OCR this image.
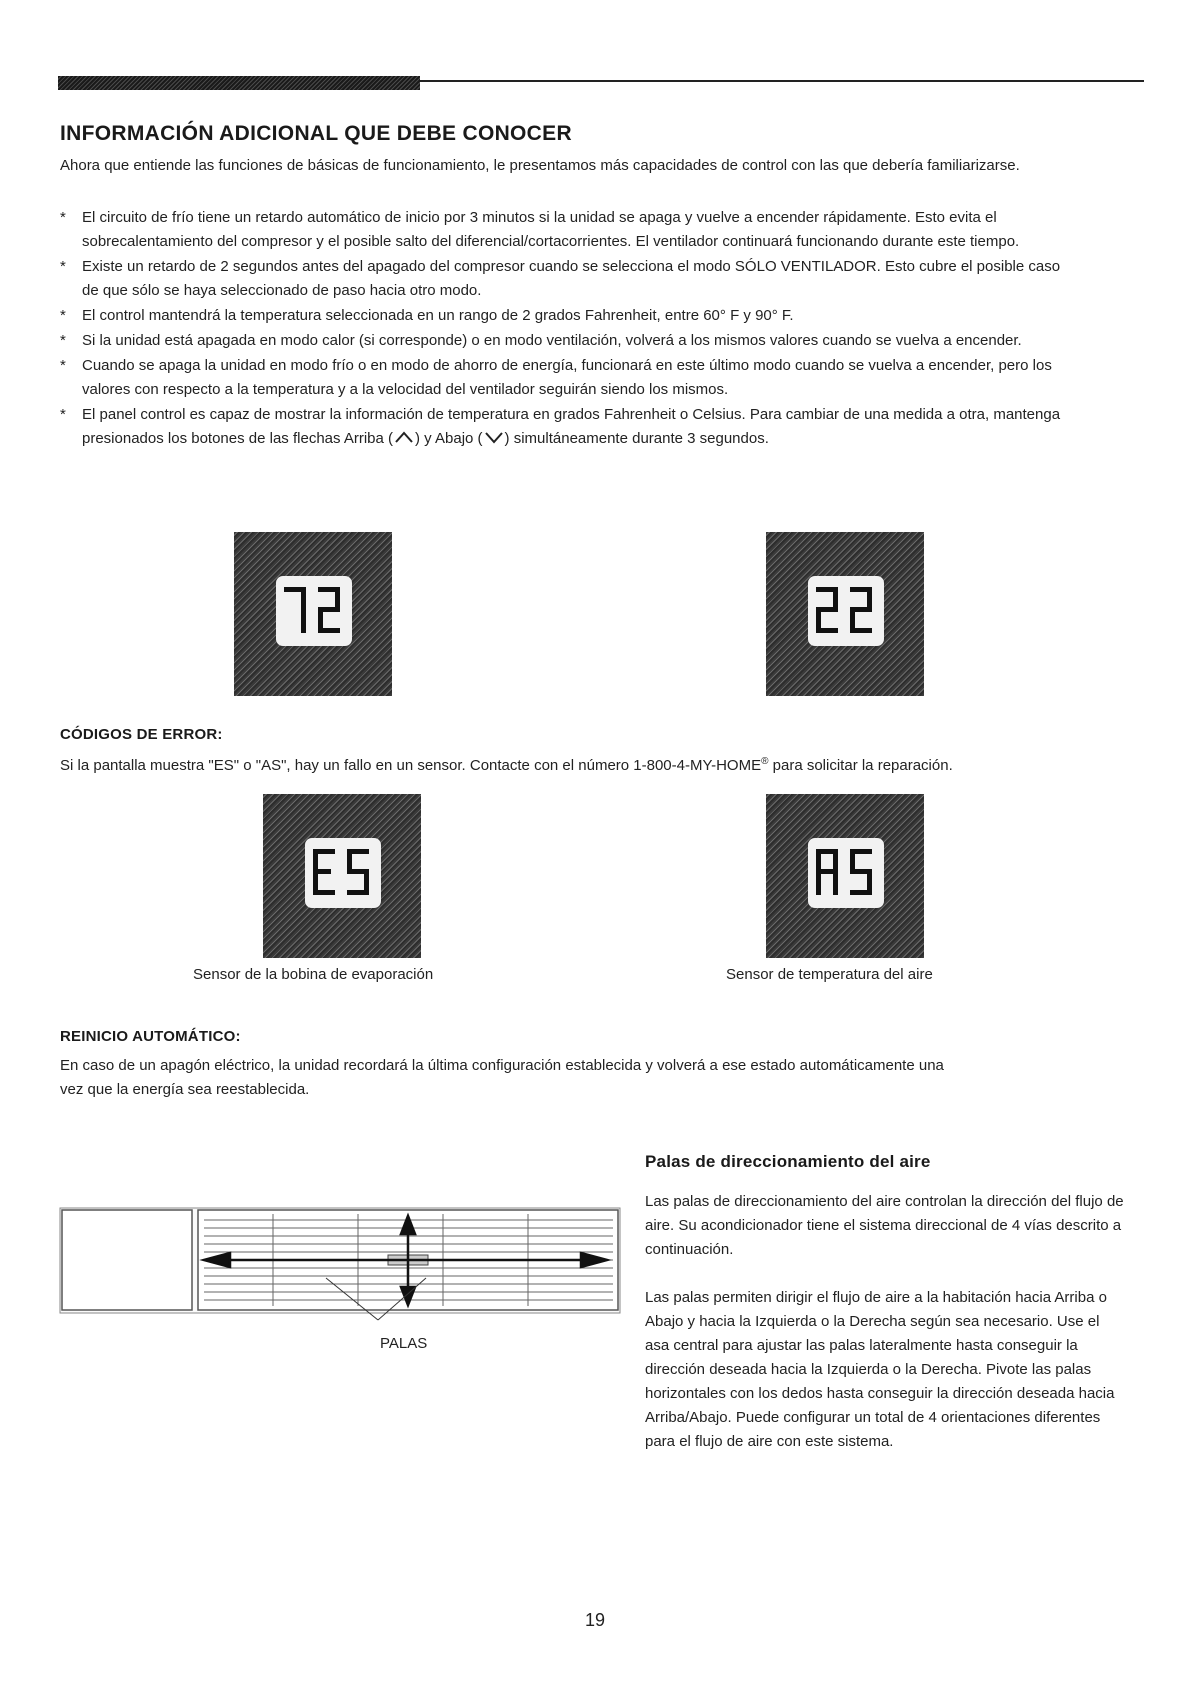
INFORMACIÓN ADICIONAL QUE DEBE CONOCER

Ahora que entiende las funciones de básicas de funcionamiento, le presentamos más capacidades de control con las que debería familiarizarse.

* El circuito de frío tiene un retardo automático de inicio por 3 minutos si la unidad se apaga y vuelve a encender rápidamente. Esto evita el sobrecalentamiento del compresor y el posible salto del diferencial/cortacorrientes. El ventilador continuará funcionando durante este tiempo.
* Existe un retardo de 2 segundos antes del apagado del compresor cuando se selecciona el modo SÓLO VENTILADOR. Esto cubre el posible caso de que sólo se haya seleccionado de paso hacia otro modo.
* El control mantendrá la temperatura seleccionada en un rango de 2 grados Fahrenheit, entre 60° F y 90° F.
* Si la unidad está apagada en modo calor (si corresponde) o en modo ventilación, volverá a los mismos valores cuando se vuelva a encender.
* Cuando se apaga la unidad en modo frío o en modo de ahorro de energía, funcionará en este último modo cuando se vuelva a encender, pero los valores con respecto a la temperatura y a la velocidad del ventilador seguirán siendo los mismos.
* El panel control es capaz de mostrar la información de temperatura en grados Fahrenheit o Celsius. Para cambiar de una medida a otra, mantenga presionados los botones de las flechas Arriba ( ) y Abajo ( ) simultáneamente durante 3 segundos.
CÓDIGOS DE ERROR:

Si la pantalla muestra "ES" o "AS", hay un fallo en un sensor. Contacte con el número 1-800-4-MY-HOME® para solicitar la reparación.

Sensor de la bobina de evaporación	Sensor de temperatura del aire
REINICIO AUTOMÁTICO:

En caso de un apagón eléctrico, la unidad recordará la última configuración establecida y volverá a ese estado automáticamente una vez que la energía sea reestablecida.

PALAS
Palas de direccionamiento del aire

Las palas de direccionamiento del aire controlan la dirección del flujo de aire. Su acondicionador tiene el sistema direccional de 4 vías descrito a continuación.

Las palas permiten dirigir el flujo de aire a la habitación hacia Arriba o Abajo y hacia la Izquierda o la Derecha según sea necesario. Use el asa central para ajustar las palas lateralmente hasta conseguir la dirección deseada hacia la Izquierda o la Derecha. Pivote las palas horizontales con los dedos hasta conseguir la dirección deseada hacia Arriba/Abajo. Puede configurar un total de 4 orientaciones diferentes para el flujo de aire con este sistema.

19
